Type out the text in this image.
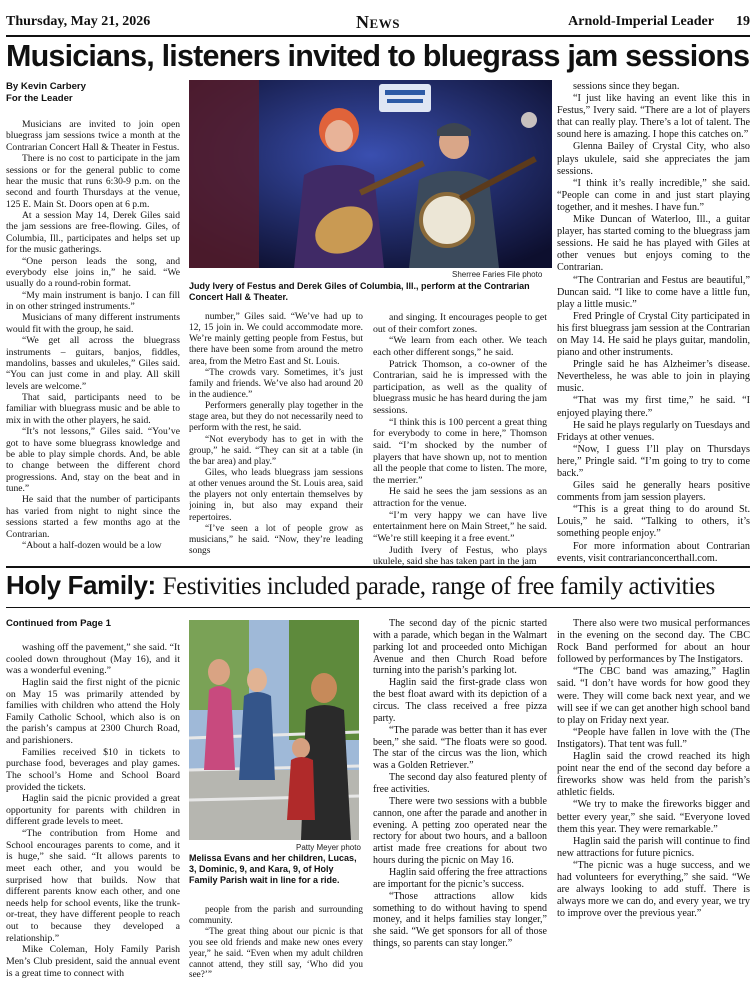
Thursday, May 21, 2026	News	Arnold-Imperial Leader 19
Musicians, listeners invited to bluegrass jam sessions
By Kevin Carbery
For the Leader

Musicians are invited to join open bluegrass jam sessions twice a month at the Contrarian Concert Hall & Theater in Festus.

There is no cost to participate in the jam sessions or for the general public to come hear the music that runs 6:30-9 p.m. on the second and fourth Thursdays at the venue, 125 E. Main St. Doors open at 6 p.m.

At a session May 14, Derek Giles said the jam sessions are free-flowing. Giles, of Columbia, Ill., participates and helps set up for the music gatherings.

“One person leads the song, and everybody else joins in,” he said. “We usually do a round-robin format.

“My main instrument is banjo. I can fill in on other stringed instruments.”

Musicians of many different instruments would fit with the group, he said.

“We get all across the bluegrass instruments – guitars, banjos, fiddles, mandolins, basses and ukuleles,” Giles said. “You can just come in and play. All skill levels are welcome.”

That said, participants need to be familiar with bluegrass music and be able to mix in with the other players, he said.

“It’s not lessons,” Giles said. “You’ve got to have some bluegrass knowledge and be able to play simple chords. And, be able to change between the different chord progressions. And, stay on the beat and in tune.”

He said that the number of participants has varied from night to night since the sessions started a few months ago at the Contrarian.

“About a half-dozen would be a low

Sherree Faries File photo
Judy Ivery of Festus and Derek Giles of Columbia, Ill., perform at the Contrarian Concert Hall & Theater.

number,” Giles said. “We’ve had up to 12, 15 join in. We could accommodate more. We’re mainly getting people from Festus, but there have been some from around the metro area, from the Metro East and St. Louis.

“The crowds vary. Sometimes, it’s just family and friends. We’ve also had around 20 in the audience.”

Performers generally play together in the stage area, but they do not necessarily need to perform with the rest, he said.

“Not everybody has to get in with the group,” he said. “They can sit at a table (in the bar area) and play.”

Giles, who leads bluegrass jam sessions at other venues around the St. Louis area, said the players not only entertain themselves by joining in, but also may expand their repertoires.

“I’ve seen a lot of people grow as musicians,” he said. “Now, they’re leading songs

and singing. It encourages people to get out of their comfort zones.

“We learn from each other. We teach each other different songs,” he said.

Patrick Thomson, a co-owner of the Contrarian, said he is impressed with the participation, as well as the quality of bluegrass music he has heard during the jam sessions.

“I think this is 100 percent a great thing for everybody to come in here,” Thomson said. “I’m shocked by the number of players that have shown up, not to mention all the people that come to listen. The more, the merrier.”

He said he sees the jam sessions as an attraction for the venue.

“I’m very happy we can have live entertainment here on Main Street,” he said. “We’re still keeping it a free event.”

Judith Ivery of Festus, who plays ukulele, said she has taken part in the jam

sessions since they began.

“I just like having an event like this in Festus,” Ivery said. “There are a lot of players that can really play. There’s a lot of talent. The sound here is amazing. I hope this catches on.”

Glenna Bailey of Crystal City, who also plays ukulele, said she appreciates the jam sessions.

“I think it’s really incredible,” she said. “People can come in and just start playing together, and it meshes. I have fun.”

Mike Duncan of Waterloo, Ill., a guitar player, has started coming to the bluegrass jam sessions. He said he has played with Giles at other venues but enjoys coming to the Contrarian.

“The Contrarian and Festus are beautiful,” Duncan said. “I like to come have a little fun, play a little music.”

Fred Pringle of Crystal City participated in his first bluegrass jam session at the Contrarian on May 14. He said he plays guitar, mandolin, piano and other instruments.

Pringle said he has Alzheimer’s disease. Nevertheless, he was able to join in playing music.

“That was my first time,” he said. “I enjoyed playing there.”

He said he plays regularly on Tuesdays and Fridays at other venues.

“Now, I guess I’ll play on Thursdays here,” Pringle said. “I’m going to try to come back.”

Giles said he generally hears positive comments from jam session players.

“This is a great thing to do around St. Louis,” he said. “Talking to others, it’s something people enjoy.”

For more information about Contrarian events, visit contrarianconcerthall.com.

Holy Family: Festivities included parade, range of free family activities
Continued from Page 1

washing off the pavement,” she said. “It cooled down throughout (May 16), and it was a wonderful evening.”

Haglin said the first night of the picnic on May 15 was primarily attended by families with children who attend the Holy Family Catholic School, which also is on the parish’s campus at 2300 Church Road, and parishioners.

Families received $10 in tickets to purchase food, beverages and play games. The school’s Home and School Board provided the tickets.

Haglin said the picnic provided a great opportunity for parents with children in different grade levels to meet.

“The contribution from Home and School encourages parents to come, and it is huge,” she said. “It allows parents to meet each other, and you would be surprised how that builds. Now that different parents know each other, and one needs help for school events, like the trunk-or-treat, they have different people to reach out to because they developed a relationship.”

Mike Coleman, Holy Family Parish Men’s Club president, said the annual event is a great time to connect with

Patty Meyer photo
Melissa Evans and her children, Lucas, 3, Dominic, 9, and Kara, 9, of Holy Family Parish wait in line for a ride.

people from the parish and surrounding community.

“The great thing about our picnic is that you see old friends and make new ones every year,” he said. “Even when my adult children cannot attend, they still say, ‘Who did you see?’”

The second day of the picnic started with a parade, which began in the Walmart parking lot and proceeded onto Michigan Avenue and then Church Road before turning into the parish’s parking lot.

Haglin said the first-grade class won the best float award with its depiction of a circus. The class received a free pizza party.

“The parade was better than it has ever been,” she said. “The floats were so good. The star of the circus was the lion, which was a Golden Retriever.”

The second day also featured plenty of free activities.

There were two sessions with a bubble cannon, one after the parade and another in evening. A petting zoo operated near the rectory for about two hours, and a balloon artist made free creations for about two hours during the picnic on May 16.

Haglin said offering the free attractions are important for the picnic’s success.

“Those attractions allow kids something to do without having to spend money, and it helps families stay longer,” she said. “We get sponsors for all of those things, so parents can stay longer.”

There also were two musical performances in the evening on the second day. The CBC Rock Band performed for about an hour followed by performances by The Instigators.

“The CBC band was amazing,” Haglin said. “I don’t have words for how good they were. They will come back next year, and we will see if we can get another high school band to play on Friday next year.

“People have fallen in love with the (The Instigators). That tent was full.”

Haglin said the crowd reached its high point near the end of the second day before a fireworks show was held from the parish’s athletic fields.

“We try to make the fireworks bigger and better every year,” she said. “Everyone loved them this year. They were remarkable.”

Haglin said the parish will continue to find new attractions for future picnics.

“The picnic was a huge success, and we had volunteers for everything,” she said. “We are always looking to add stuff. There is always more we can do, and every year, we try to improve over the previous year.”
